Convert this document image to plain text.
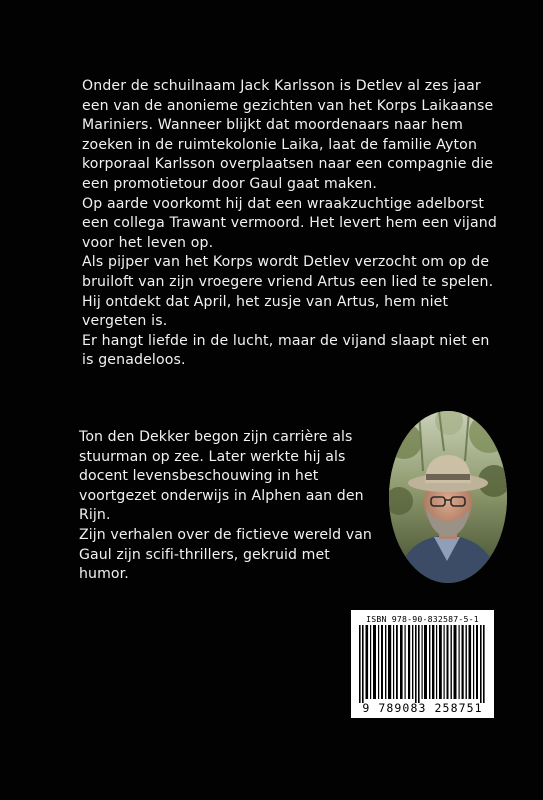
Onder de schuilnaam Jack Karlsson is Detlev al zes jaar een van de anonieme gezichten van het Korps Laikaanse Mariniers. Wanneer blijkt dat moordenaars naar hem zoeken in de ruimtekolonie Laika, laat de familie Ayton korporaal Karlsson overplaatsen naar een compagnie die een promotietour door Gaul gaat maken.

Op aarde voorkomt hij dat een wraakzuchtige adelborst een collega Trawant vermoord. Het levert hem een vijand voor het leven op.

Als pijper van het Korps wordt Detlev verzocht om op de bruiloft van zijn vroegere vriend Artus een lied te spelen. Hij ontdekt dat April, het zusje van Artus, hem niet vergeten is.

Er hangt liefde in de lucht, maar de vijand slaapt niet en is genadeloos.

Ton den Dekker begon zijn carrière als stuurman op zee. Later werkte hij als docent levensbeschouwing in het voortgezet onderwijs in Alphen aan den Rijn.

Zijn verhalen over de fictieve wereld van Gaul zijn scifi-thrillers, gekruid met humor.

ISBN 978-90-832587-5-1
9 789083 258751
